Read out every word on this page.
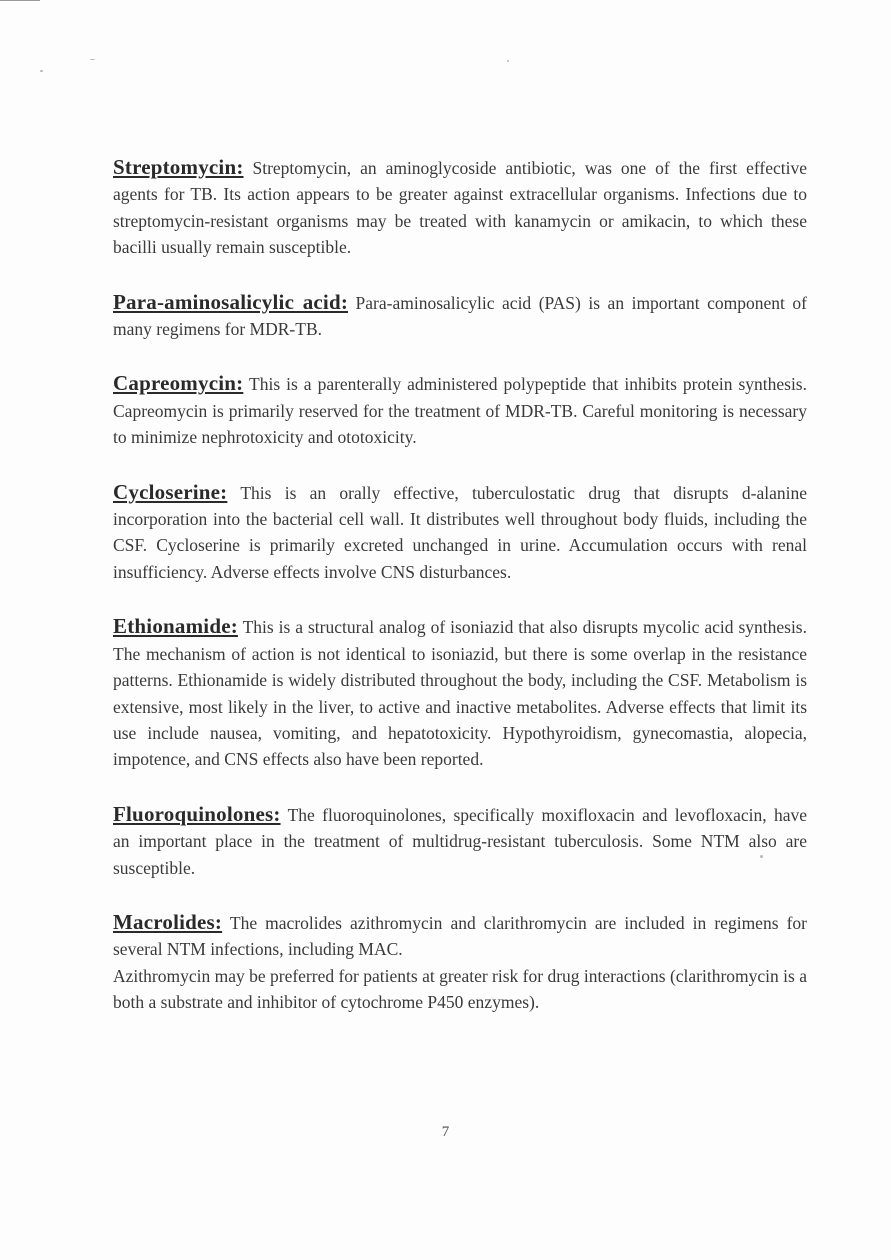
Streptomycin: Streptomycin, an aminoglycoside antibiotic, was one of the first effective agents for TB. Its action appears to be greater against extracellular organisms. Infections due to streptomycin-resistant organisms may be treated with kanamycin or amikacin, to which these bacilli usually remain susceptible.

Para-aminosalicylic acid: Para-aminosalicylic acid (PAS) is an important component of many regimens for MDR-TB.

Capreomycin: This is a parenterally administered polypeptide that inhibits protein synthesis. Capreomycin is primarily reserved for the treatment of MDR-TB. Careful monitoring is necessary to minimize nephrotoxicity and ototoxicity.

Cycloserine: This is an orally effective, tuberculostatic drug that disrupts d-alanine incorporation into the bacterial cell wall. It distributes well throughout body fluids, including the CSF. Cycloserine is primarily excreted unchanged in urine. Accumulation occurs with renal insufficiency. Adverse effects involve CNS disturbances.

Ethionamide: This is a structural analog of isoniazid that also disrupts mycolic acid synthesis. The mechanism of action is not identical to isoniazid, but there is some overlap in the resistance patterns. Ethionamide is widely distributed throughout the body, including the CSF. Metabolism is extensive, most likely in the liver, to active and inactive metabolites. Adverse effects that limit its use include nausea, vomiting, and hepatotoxicity. Hypothyroidism, gynecomastia, alopecia, impotence, and CNS effects also have been reported.

Fluoroquinolones: The fluoroquinolones, specifically moxifloxacin and levofloxacin, have an important place in the treatment of multidrug-resistant tuberculosis. Some NTM also are susceptible.

Macrolides: The macrolides azithromycin and clarithromycin are included in regimens for several NTM infections, including MAC.

Azithromycin may be preferred for patients at greater risk for drug interactions (clarithromycin is a both a substrate and inhibitor of cytochrome P450 enzymes).

7
